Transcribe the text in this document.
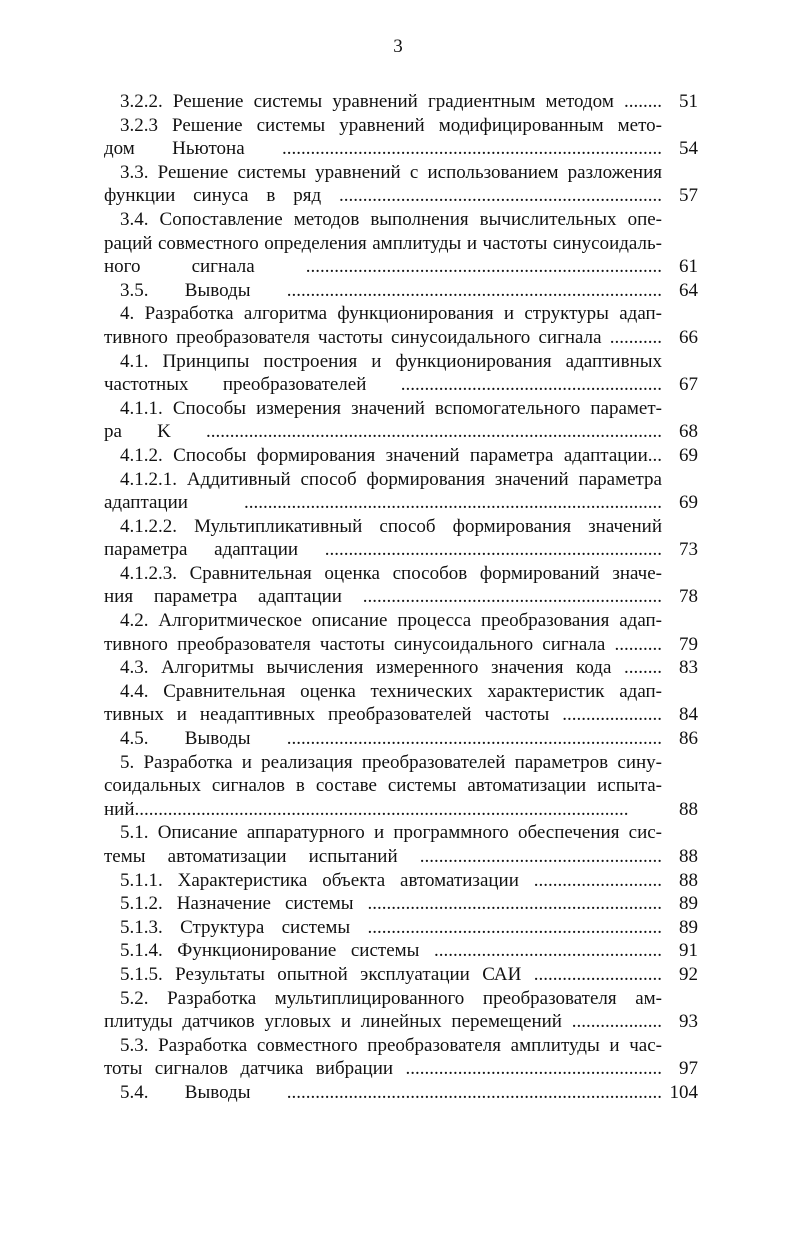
3
3.2.2. Решение системы уравнений градиентным методом ........ 51
3.2.3 Решение системы уравнений модифицированным мето-
дом Ньютона ................................................................................ 54
3.3. Решение системы уравнений с использованием разложения
функции синуса в ряд .................................................................... 57
3.4. Сопоставление методов выполнения вычислительных опе-
раций совместного определения амплитуды и частоты синусоидаль-
ного сигнала ........................................................................... 61
3.5. Выводы ............................................................................... 64
4. Разработка алгоритма функционирования и структуры адап-
тивного преобразователя частоты синусоидального сигнала ........... 66
4.1. Принципы построения и функционирования адаптивных
частотных преобразователей ....................................................... 67
4.1.1. Способы измерения значений вспомогательного парамет-
ра K ................................................................................................ 68
4.1.2. Способы формирования значений параметра адаптации... 69
4.1.2.1. Аддитивный способ формирования значений параметра
адаптации ........................................................................................ 69
4.1.2.2. Мультипликативный способ формирования значений
параметра адаптации ....................................................................... 73
4.1.2.3. Сравнительная оценка способов формирований значе-
ния параметра адаптации ............................................................... 78
4.2. Алгоритмическое описание процесса преобразования адап-
тивного преобразователя частоты синусоидального сигнала .......... 79
4.3. Алгоритмы вычисления измеренного значения кода ........ 83
4.4. Сравнительная оценка технических характеристик адап-
тивных и неадаптивных преобразователей частоты ..................... 84
4.5. Выводы ............................................................................... 86
5. Разработка и реализация преобразователей параметров сину-
соидальных сигналов в составе системы автоматизации испыта-
ний........................................................................................................	88
5.1. Описание аппаратурного и программного обеспечения сис-
темы автоматизации испытаний ................................................... 88
5.1.1. Характеристика объекта автоматизации ........................... 88
5.1.2. Назначение системы .............................................................. 89
5.1.3. Структура системы .............................................................. 89
5.1.4. Функционирование системы ................................................ 91
5.1.5. Результаты опытной эксплуатации САИ ........................... 92
5.2. Разработка мультиплицированного преобразователя ам-
плитуды датчиков угловых и линейных перемещений ................... 93
5.3. Разработка совместного преобразователя амплитуды и час-
тоты сигналов датчика вибрации ...................................................... 97
5.4. Выводы ............................................................................... 104
